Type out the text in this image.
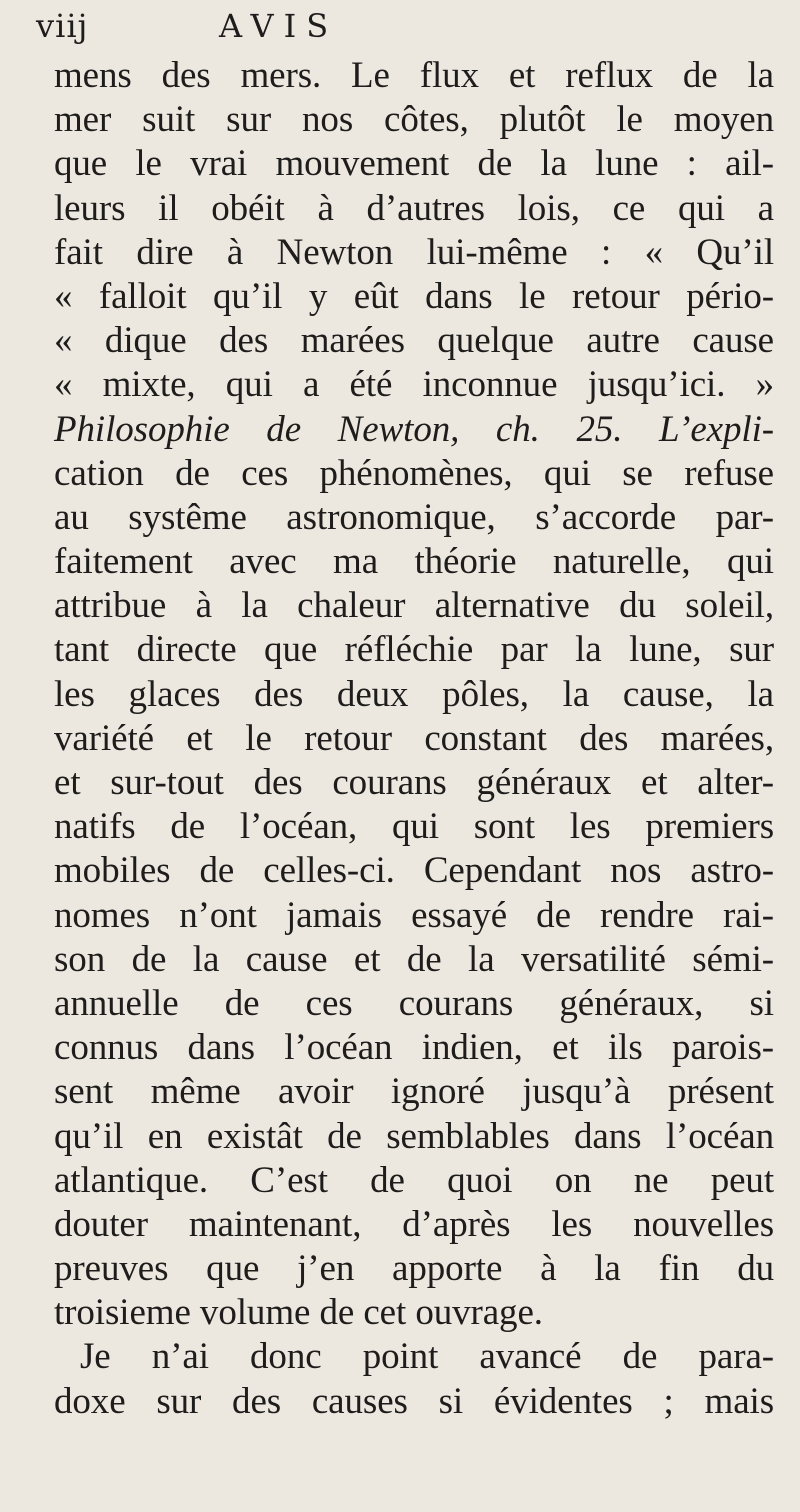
viij	AVIS
mens des mers. Le flux et reflux de la
mer suit sur nos côtes, plutôt le moyen
que le vrai mouvement de la lune : ail-
leurs il obéit à d’autres lois, ce qui a
fait dire à Newton lui-même : « Qu’il
« falloit qu’il y eût dans le retour pério-
« dique des marées quelque autre cause
« mixte, qui a été inconnue jusqu’ici. »
Philosophie de Newton, ch. 25. L’expli-
cation de ces phénomènes, qui se refuse
au systême astronomique, s’accorde par-
faitement avec ma théorie naturelle, qui
attribue à la chaleur alternative du soleil,
tant directe que réfléchie par la lune, sur
les glaces des deux pôles, la cause, la
variété et le retour constant des marées,
et sur-tout des courans généraux et alter-
natifs de l’océan, qui sont les premiers
mobiles de celles-ci. Cependant nos astro-
nomes n’ont jamais essayé de rendre rai-
son de la cause et de la versatilité sémi-
annuelle de ces courans généraux, si
connus dans l’océan indien, et ils parois-
sent même avoir ignoré jusqu’à présent
qu’il en existât de semblables dans l’océan
atlantique. C’est de quoi on ne peut
douter maintenant, d’après les nouvelles
preuves que j’en apporte à la fin du
troisieme volume de cet ouvrage.
Je n’ai donc point avancé de para-
doxe sur des causes si évidentes ; mais
